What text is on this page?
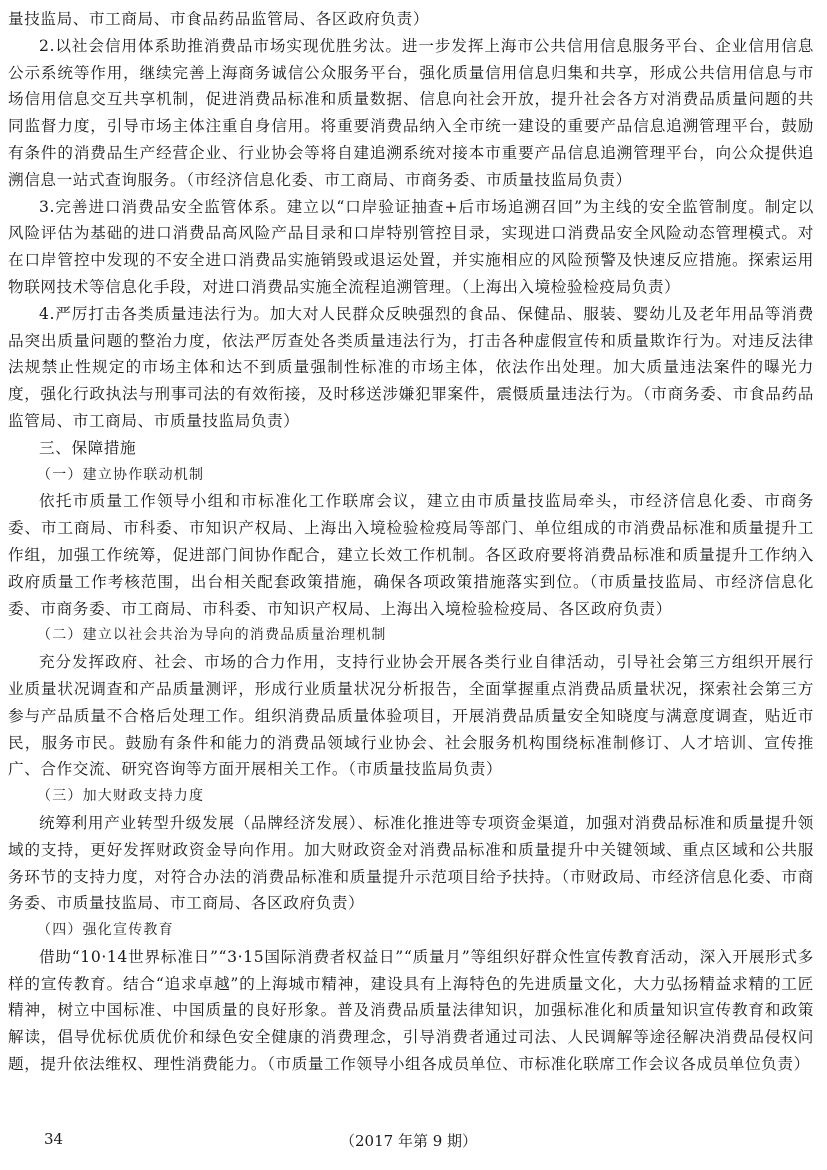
量技监局、市工商局、市食品药品监管局、各区政府负责）

2.以社会信用体系助推消费品市场实现优胜劣汰。进一步发挥上海市公共信用信息服务平台、企业信用信息公示系统等作用，继续完善上海商务诚信公众服务平台，强化质量信用信息归集和共享，形成公共信用信息与市场信用信息交互共享机制，促进消费品标准和质量数据、信息向社会开放，提升社会各方对消费品质量问题的共同监督力度，引导市场主体注重自身信用。将重要消费品纳入全市统一建设的重要产品信息追溯管理平台，鼓励有条件的消费品生产经营企业、行业协会等将自建追溯系统对接本市重要产品信息追溯管理平台，向公众提供追溯信息一站式查询服务。（市经济信息化委、市工商局、市商务委、市质量技监局负责）

3.完善进口消费品安全监管体系。建立以“口岸验证抽查+后市场追溯召回”为主线的安全监管制度。制定以风险评估为基础的进口消费品高风险产品目录和口岸特别管控目录，实现进口消费品安全风险动态管理模式。对在口岸管控中发现的不安全进口消费品实施销毁或退运处置，并实施相应的风险预警及快速反应措施。探索运用物联网技术等信息化手段，对进口消费品实施全流程追溯管理。（上海出入境检验检疫局负责）

4.严厉打击各类质量违法行为。加大对人民群众反映强烈的食品、保健品、服装、婴幼儿及老年用品等消费品突出质量问题的整治力度，依法严厉查处各类质量违法行为，打击各种虚假宣传和质量欺诈行为。对违反法律法规禁止性规定的市场主体和达不到质量强制性标准的市场主体，依法作出处理。加大质量违法案件的曝光力度，强化行政执法与刑事司法的有效衔接，及时移送涉嫌犯罪案件，震慑质量违法行为。（市商务委、市食品药品监管局、市工商局、市质量技监局负责）

三、保障措施

（一）建立协作联动机制

依托市质量工作领导小组和市标准化工作联席会议，建立由市质量技监局牵头，市经济信息化委、市商务委、市工商局、市科委、市知识产权局、上海出入境检验检疫局等部门、单位组成的市消费品标准和质量提升工作组，加强工作统筹，促进部门间协作配合，建立长效工作机制。各区政府要将消费品标准和质量提升工作纳入政府质量工作考核范围，出台相关配套政策措施，确保各项政策措施落实到位。（市质量技监局、市经济信息化委、市商务委、市工商局、市科委、市知识产权局、上海出入境检验检疫局、各区政府负责）

（二）建立以社会共治为导向的消费品质量治理机制

充分发挥政府、社会、市场的合力作用，支持行业协会开展各类行业自律活动，引导社会第三方组织开展行业质量状况调查和产品质量测评，形成行业质量状况分析报告，全面掌握重点消费品质量状况，探索社会第三方参与产品质量不合格后处理工作。组织消费品质量体验项目，开展消费品质量安全知晓度与满意度调查，贴近市民，服务市民。鼓励有条件和能力的消费品领域行业协会、社会服务机构围绕标准制修订、人才培训、宣传推广、合作交流、研究咨询等方面开展相关工作。（市质量技监局负责）

（三）加大财政支持力度

统筹利用产业转型升级发展（品牌经济发展）、标准化推进等专项资金渠道，加强对消费品标准和质量提升领域的支持，更好发挥财政资金导向作用。加大财政资金对消费品标准和质量提升中关键领域、重点区域和公共服务环节的支持力度，对符合办法的消费品标准和质量提升示范项目给予扶持。（市财政局、市经济信息化委、市商务委、市质量技监局、市工商局、各区政府负责）

（四）强化宣传教育

借助“10·14世界标准日”“3·15国际消费者权益日”“质量月”等组织好群众性宣传教育活动，深入开展形式多样的宣传教育。结合“追求卓越”的上海城市精神，建设具有上海特色的先进质量文化，大力弘扬精益求精的工匠精神，树立中国标准、中国质量的良好形象。普及消费品质量法律知识，加强标准化和质量知识宣传教育和政策解读，倡导优标优质优价和绿色安全健康的消费理念，引导消费者通过司法、人民调解等途径解决消费品侵权问题，提升依法维权、理性消费能力。（市质量工作领导小组各成员单位、市标准化联席工作会议各成员单位负责）

34	（2017 年第 9 期）
